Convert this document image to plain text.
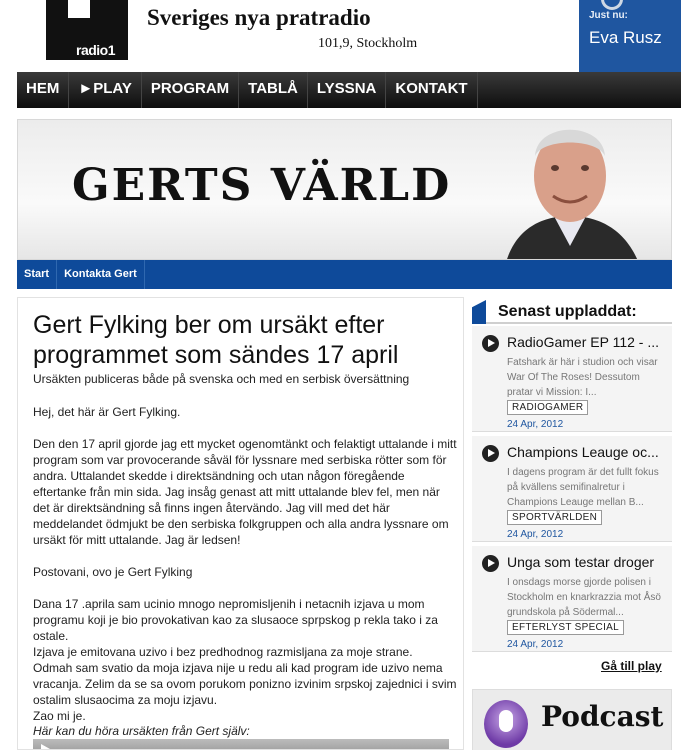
radio1
Sveriges nya pratradio
101,9, Stockholm
Just nu:
Eva Rusz
HEM	►PLAY	PROGRAM	TABLÅ	LYSSNA	KONTAKT
GERTS VÄRLD
Start	Kontakta Gert
Gert Fylking ber om ursäkt efter programmet som sändes 17 april
Ursäkten publiceras både på svenska och med en serbisk översättning

Hej, det här är Gert Fylking.

Den den 17 april gjorde jag ett mycket ogenomtänkt och felaktigt uttalande i mitt program som var provocerande såväl för lyssnare med serbiska rötter som för andra. Uttalandet skedde i direktsändning och utan någon föregående eftertanke från min sida. Jag insåg genast att mitt uttalande blev fel, men när det är direktsändning så finns ingen återvändo. Jag vill med det här meddelandet ödmjukt be den serbiska folkgruppen och alla andra lyssnare om ursäkt för mitt uttalande. Jag är ledsen!

Postovani, ovo je Gert Fylking

Dana 17 .aprila sam ucinio mnogo nepromisljenih i netacnih izjava u mom programu koji je bio provokativan kao za slusaoce sprpskog p rekla tako i za ostale.
Izjava je emitovana uzivo i bez predhodnog razmisljana za moje strane.
Odmah sam svatio da moja izjava nije u redu ali kad program ide uzivo nema vracanja. Zelim da se sa ovom porukom ponizno izvinim srpskoj zajednici i svim ostalim slusaocima za moju izjavu.
Zao mi je.

Här kan du höra ursäkten från Gert själv:
Senast uppladdat:
RadioGamer EP 112 - ...
Fatshark är här i studion och visar War Of The Roses! Dessutom pratar vi Mission: I...
RADIOGAMER
24 Apr, 2012
Champions Leauge oc...
I dagens program är det fullt fokus på kvällens semifinalretur i Champions Leauge mellan B...
SPORTVÄRLDEN
24 Apr, 2012
Unga som testar droger
I onsdags morse gjorde polisen i Stockholm en knarkrazzia mot Åsö grundskola på Södermal...
EFTERLYST SPECIAL
24 Apr, 2012
Gå till play
Podcast
